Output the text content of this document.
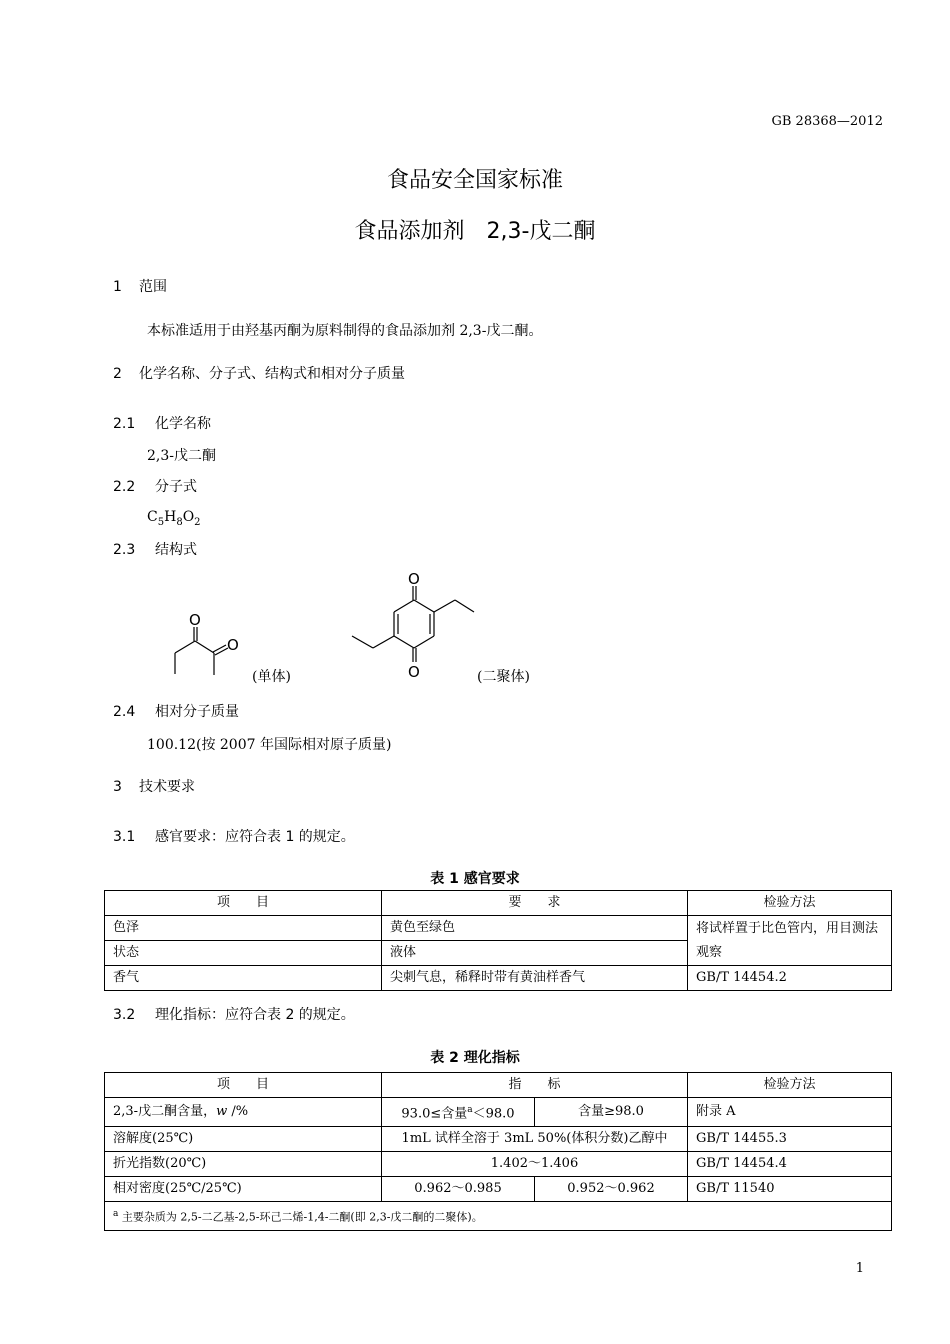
GB 28368—2012
食品安全国家标准
食品添加剂　2,3-戊二酮
1 范围
本标准适用于由羟基丙酮为原料制得的食品添加剂 2,3-戊二酮。
2 化学名称、分子式、结构式和相对分子质量
2.1 化学名称
2,3-戊二酮
2.2 分子式
$C_5H_8O_2$
2.3 结构式
O
O
(单体)
O
O	(二聚体)
2.4 相对分子质量
100.12(按 2007 年国际相对原子质量)
3 技术要求
3.1 感官要求：应符合表 1 的规定。
表 1 感官要求
项　　目	要　　求	检验方法
色泽	黄色至绿色	将试样置于比色管内，用目测法观察
状态	液体	
香气	尖刺气息，稀释时带有黄油样香气	GB/T 14454.2
3.2 理化指标：应符合表 2 的规定。
表 2 理化指标
项　　目	指　　标		检验方法
2,3-戊二酮含量，w /%	93.0≤含量$^a$＜98.0	含量≥98.0	附录 A
溶解度(25℃)	1mL 试样全溶于 3mL 50%(体积分数)乙醇中		GB/T 14455.3
折光指数(20℃)	1.402～1.406		GB/T 14454.4
相对密度(25℃/25℃)	0.962～0.985	0.952～0.962	GB/T 11540
$^a$ 主要杂质为 2,5-二乙基-2,5-环己二烯-1,4-二酮(即 2,3-戊二酮的二聚体)。			
1
